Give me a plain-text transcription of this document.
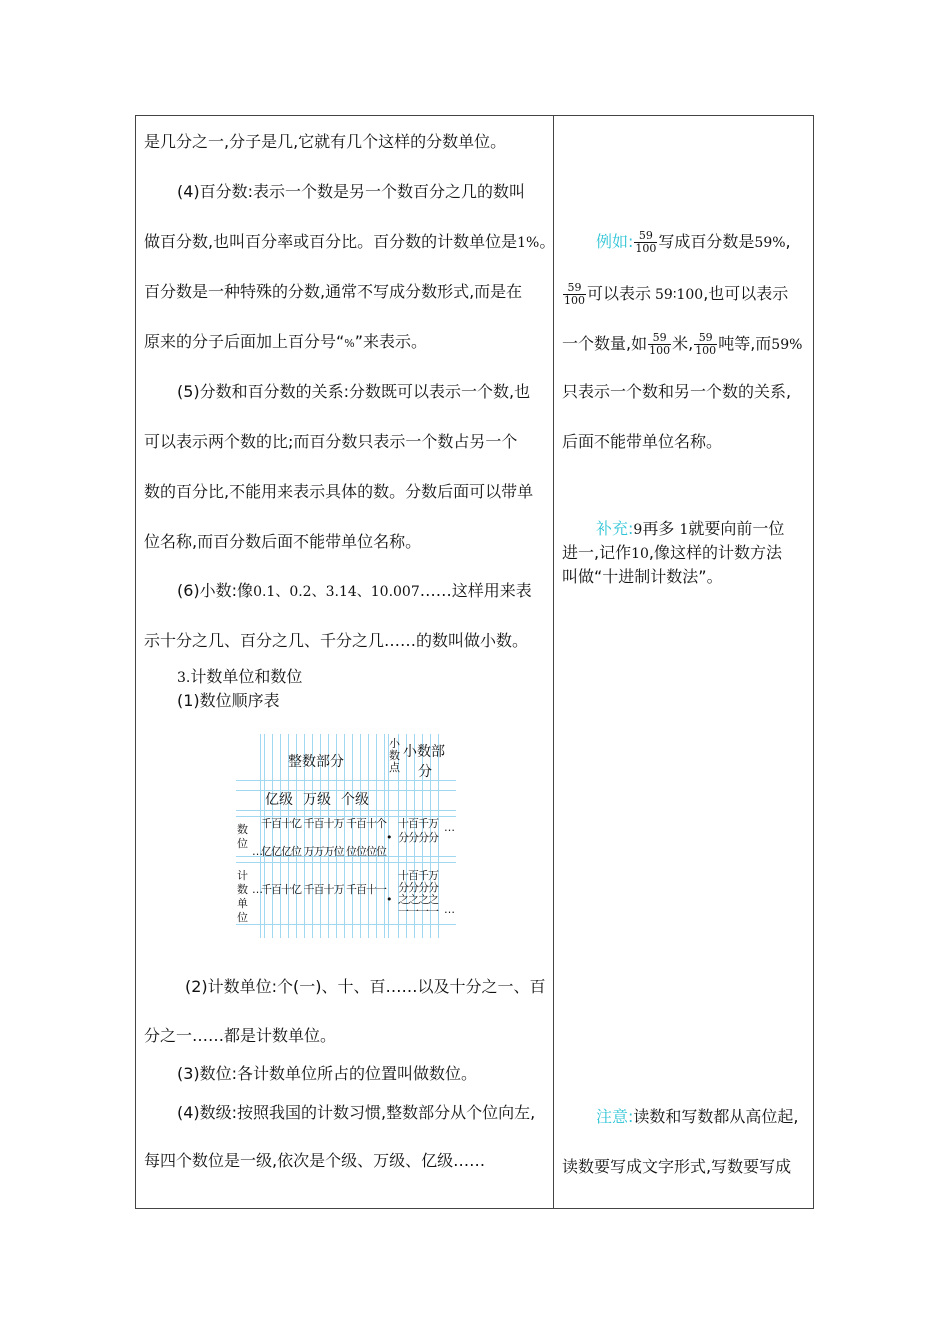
是几分之一,分子是几,它就有几个这样的分数单位。
(4)百分数:表示一个数是另一个数百分之几的数叫
做百分数,也叫百分率或百分比。百分数的计数单位是1%。
百分数是一种特殊的分数,通常不写成分数形式,而是在
原来的分子后面加上百分号“%”来表示。
(5)分数和百分数的关系:分数既可以表示一个数,也
可以表示两个数的比;而百分数只表示一个数占另一个
数的百分比,不能用来表示具体的数。分数后面可以带单
位名称,而百分数后面不能带单位名称。
(6)小数:像0.1、0.2、3.14、10.007……这样用来表
示十分之几、百分之几、千分之几……的数叫做小数。
3.计数单位和数位
(1)数位顺序表
整数部分
小数点
小数部
分
亿级 万级 个级
数
位
千百十亿 千百十万 千百十个
亿亿亿位 万万万位 位位位位
•
十百千万
分分分分
…
…
计
数
单
位
千百十亿 千百十万 千百十一
•
十百千万分分分分之之之之一一一一
…
…
(2)计数单位:个(一)、十、百……以及十分之一、百
分之一……都是计数单位。
(3)数位:各计数单位所占的位置叫做数位。
(4)数级:按照我国的计数习惯,整数部分从个位向左,
每四个数位是一级,依次是个级、万级、亿级……
例如: $\frac{59}{100}$ 写成百分数是59%,
$\frac{59}{100}$ 可以表示 59∶100,也可以表示
一个数量,如 $\frac{59}{100}$ 米, $\frac{59}{100}$ 吨等,而59%
只表示一个数和另一个数的关系,
后面不能带单位名称。
补充:9再多 1就要向前一位
进一,记作10,像这样的计数方法
叫做“十进制计数法”。
注意:读数和写数都从高位起,
读数要写成文字形式,写数要写成
